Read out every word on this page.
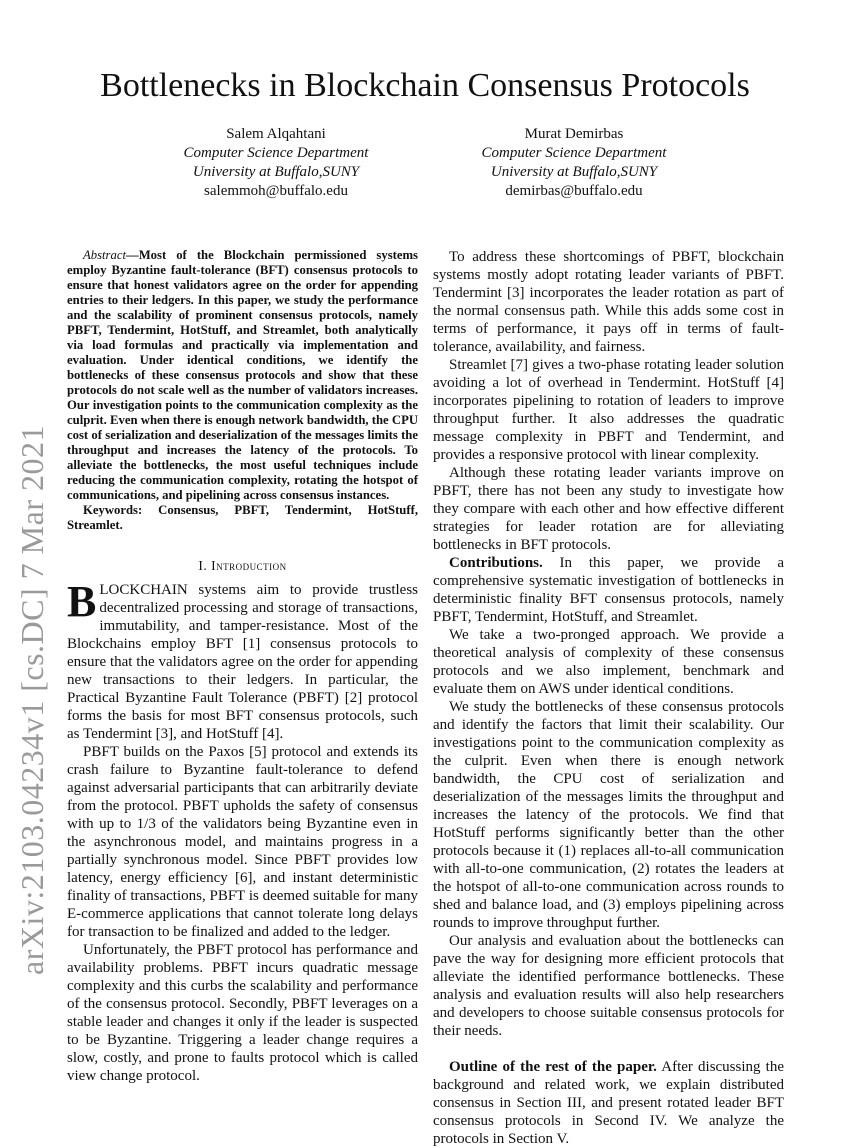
arXiv:2103.04234v1 [cs.DC] 7 Mar 2021
Bottlenecks in Blockchain Consensus Protocols
Salem Alqahtani
Computer Science Department
University at Buffalo,SUNY
salemmoh@buffalo.edu
Murat Demirbas
Computer Science Department
University at Buffalo,SUNY
demirbas@buffalo.edu

Abstract—Most of the Blockchain permissioned systems employ Byzantine fault-tolerance (BFT) consensus protocols to ensure that honest validators agree on the order for appending entries to their ledgers. In this paper, we study the performance and the scalability of prominent consensus protocols, namely PBFT, Tendermint, HotStuff, and Streamlet, both analytically via load formulas and practically via implementation and evaluation. Under identical conditions, we identify the bottlenecks of these consensus protocols and show that these protocols do not scale well as the number of validators increases. Our investigation points to the communication complexity as the culprit. Even when there is enough network bandwidth, the CPU cost of serialization and deserialization of the messages limits the throughput and increases the latency of the protocols. To alleviate the bottlenecks, the most useful techniques include reducing the communication complexity, rotating the hotspot of communications, and pipelining across consensus instances.

Keywords: Consensus, PBFT, Tendermint, HotStuff, Streamlet.

I. Introduction

BLOCKCHAIN systems aim to provide trustless decentralized processing and storage of transactions, immutability, and tamper-resistance. Most of the Blockchains employ BFT [1] consensus protocols to ensure that the validators agree on the order for appending new transactions to their ledgers. In particular, the Practical Byzantine Fault Tolerance (PBFT) [2] protocol forms the basis for most BFT consensus protocols, such as Tendermint [3], and HotStuff [4].

PBFT builds on the Paxos [5] protocol and extends its crash failure to Byzantine fault-tolerance to defend against adversarial participants that can arbitrarily deviate from the protocol. PBFT upholds the safety of consensus with up to 1/3 of the validators being Byzantine even in the asynchronous model, and maintains progress in a partially synchronous model. Since PBFT provides low latency, energy efficiency [6], and instant deterministic finality of transactions, PBFT is deemed suitable for many E-commerce applications that cannot tolerate long delays for transaction to be finalized and added to the ledger.

Unfortunately, the PBFT protocol has performance and availability problems. PBFT incurs quadratic message complexity and this curbs the scalability and performance of the consensus protocol. Secondly, PBFT leverages on a stable leader and changes it only if the leader is suspected to be Byzantine. Triggering a leader change requires a slow, costly, and prone to faults protocol which is called view change protocol.

To address these shortcomings of PBFT, blockchain systems mostly adopt rotating leader variants of PBFT. Tendermint [3] incorporates the leader rotation as part of the normal consensus path. While this adds some cost in terms of performance, it pays off in terms of fault-tolerance, availability, and fairness.

Streamlet [7] gives a two-phase rotating leader solution avoiding a lot of overhead in Tendermint. HotStuff [4] incorporates pipelining to rotation of leaders to improve throughput further. It also addresses the quadratic message complexity in PBFT and Tendermint, and provides a responsive protocol with linear complexity.

Although these rotating leader variants improve on PBFT, there has not been any study to investigate how they compare with each other and how effective different strategies for leader rotation are for alleviating bottlenecks in BFT protocols.

Contributions. In this paper, we provide a comprehensive systematic investigation of bottlenecks in deterministic finality BFT consensus protocols, namely PBFT, Tendermint, HotStuff, and Streamlet.

We take a two-pronged approach. We provide a theoretical analysis of complexity of these consensus protocols and we also implement, benchmark and evaluate them on AWS under identical conditions.

We study the bottlenecks of these consensus protocols and identify the factors that limit their scalability. Our investigations point to the communication complexity as the culprit. Even when there is enough network bandwidth, the CPU cost of serialization and deserialization of the messages limits the throughput and increases the latency of the protocols. We find that HotStuff performs significantly better than the other protocols because it (1) replaces all-to-all communication with all-to-one communication, (2) rotates the leaders at the hotspot of all-to-one communication across rounds to shed and balance load, and (3) employs pipelining across rounds to improve throughput further.

Our analysis and evaluation about the bottlenecks can pave the way for designing more efficient protocols that alleviate the identified performance bottlenecks. These analysis and evaluation results will also help researchers and developers to choose suitable consensus protocols for their needs.

Outline of the rest of the paper. After discussing the background and related work, we explain distributed consensus in Section III, and present rotated leader BFT consensus protocols in Second IV. We analyze the protocols in Section V.
